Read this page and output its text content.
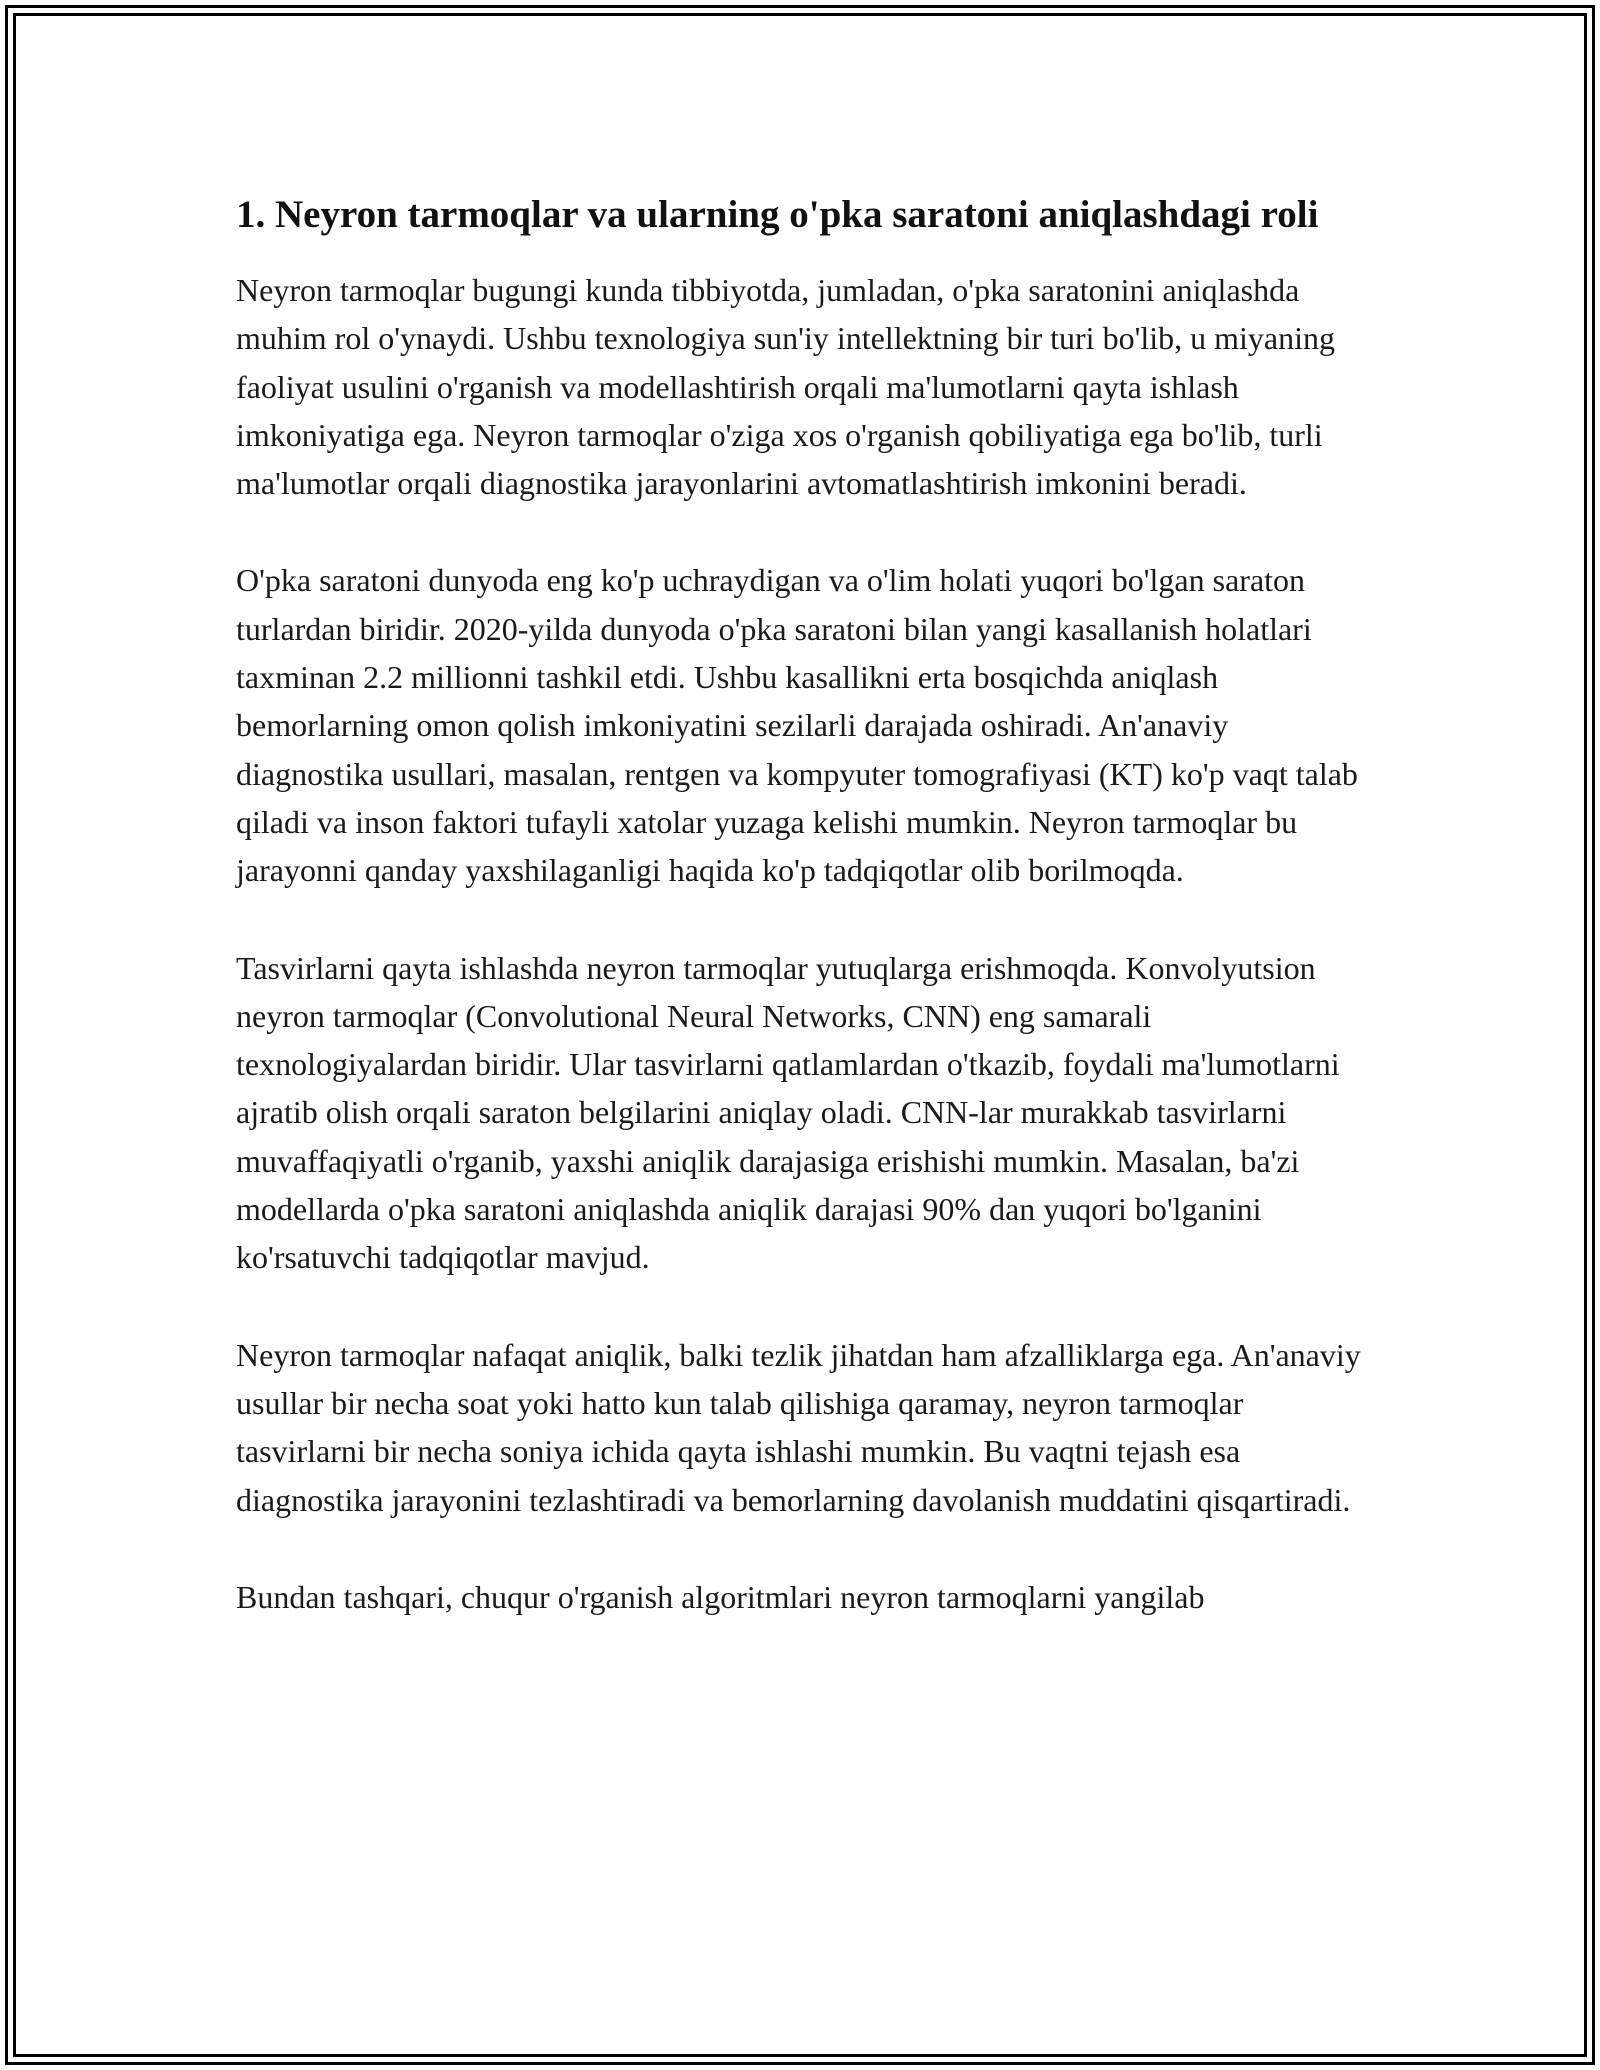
1. Neyron tarmoqlar va ularning o'pka saratoni aniqlashdagi roli

Neyron tarmoqlar bugungi kunda tibbiyotda, jumladan, o'pka saratonini aniqlashda muhim rol o'ynaydi. Ushbu texnologiya sun'iy intellektning bir turi bo'lib, u miyaning faoliyat usulini o'rganish va modellashtirish orqali ma'lumotlarni qayta ishlash imkoniyatiga ega. Neyron tarmoqlar o'ziga xos o'rganish qobiliyatiga ega bo'lib, turli ma'lumotlar orqali diagnostika jarayonlarini avtomatlashtirish imkonini beradi.

O'pka saratoni dunyoda eng ko'p uchraydigan va o'lim holati yuqori bo'lgan saraton turlardan biridir. 2020-yilda dunyoda o'pka saratoni bilan yangi kasallanish holatlari taxminan 2.2 millionni tashkil etdi. Ushbu kasallikni erta bosqichda aniqlash bemorlarning omon qolish imkoniyatini sezilarli darajada oshiradi. An'anaviy diagnostika usullari, masalan, rentgen va kompyuter tomografiyasi (KT) ko'p vaqt talab qiladi va inson faktori tufayli xatolar yuzaga kelishi mumkin. Neyron tarmoqlar bu jarayonni qanday yaxshilaganligi haqida ko'p tadqiqotlar olib borilmoqda.

Tasvirlarni qayta ishlashda neyron tarmoqlar yutuqlarga erishmoqda. Konvolyutsion neyron tarmoqlar (Convolutional Neural Networks, CNN) eng samarali texnologiyalardan biridir. Ular tasvirlarni qatlamlardan o'tkazib, foydali ma'lumotlarni ajratib olish orqali saraton belgilarini aniqlay oladi. CNN-lar murakkab tasvirlarni muvaffaqiyatli o'rganib, yaxshi aniqlik darajasiga erishishi mumkin. Masalan, ba'zi modellarda o'pka saratoni aniqlashda aniqlik darajasi 90% dan yuqori bo'lganini ko'rsatuvchi tadqiqotlar mavjud.

Neyron tarmoqlar nafaqat aniqlik, balki tezlik jihatdan ham afzalliklarga ega. An'anaviy usullar bir necha soat yoki hatto kun talab qilishiga qaramay, neyron tarmoqlar tasvirlarni bir necha soniya ichida qayta ishlashi mumkin. Bu vaqtni tejash esa diagnostika jarayonini tezlashtiradi va bemorlarning davolanish muddatini qisqartiradi.

Bundan tashqari, chuqur o'rganish algoritmlari neyron tarmoqlarni yangilab
